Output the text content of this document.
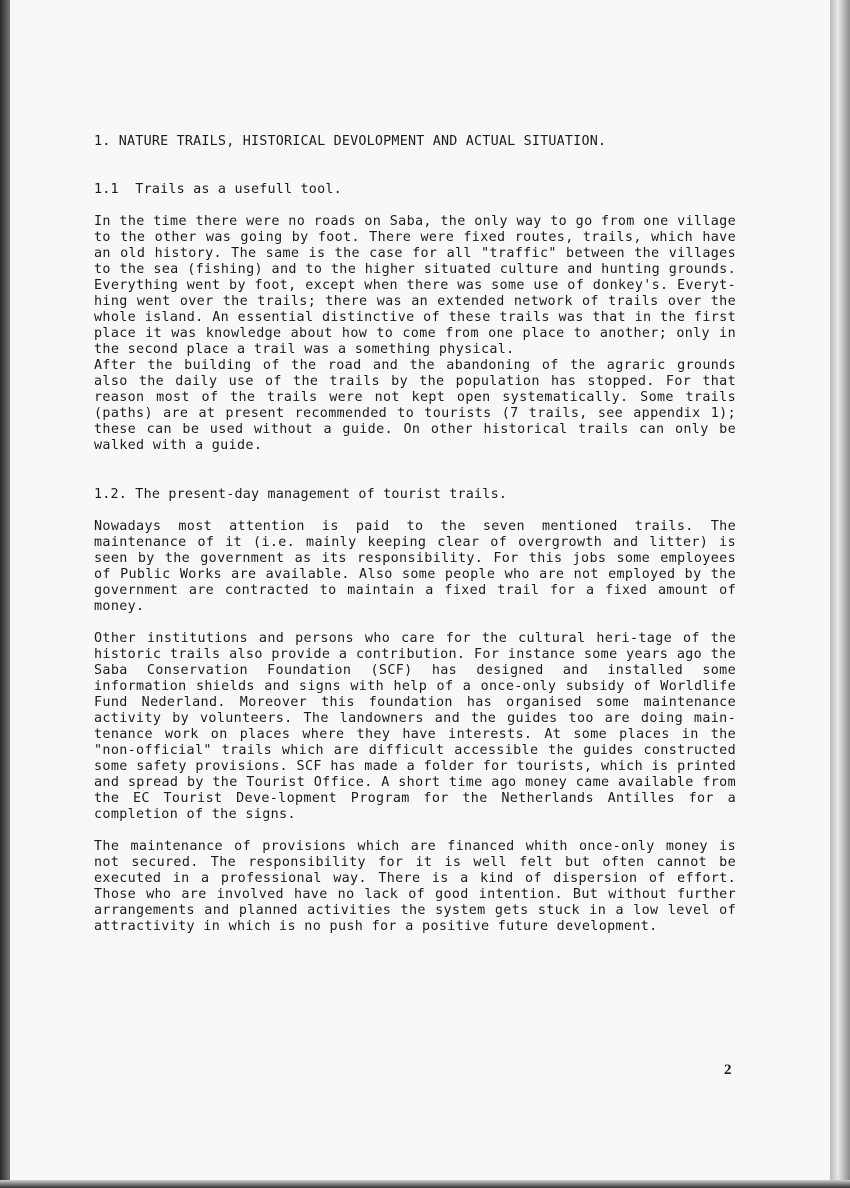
1. NATURE TRAILS, HISTORICAL DEVOLOPMENT AND ACTUAL SITUATION.
1.1  Trails as a usefull tool.

In the time there were no roads on Saba, the only way to go from one village to the other was going by foot. There were fixed routes, trails, which have an old history. The same is the case for all "traffic" between the villages to the sea (fishing) and to the higher situated culture and hunting grounds. Everything went by foot, except when there was some use of donkey's. Everyt-hing went over the trails; there was an extended network of trails over the whole island. An essential distinctive of these trails was that in the first place it was knowledge about how to come from one place to another; only in the second place a trail was a something physical.

After the building of the road and the abandoning of the agraric grounds also the daily use of the trails by the population has stopped. For that reason most of the trails were not kept open systematically. Some trails (paths) are at present recommended to tourists (7 trails, see appendix 1); these can be used without a guide. On other historical trails can only be walked with a guide.

1.2. The present-day management of tourist trails.

Nowadays most attention is paid to the seven mentioned trails. The maintenance of it (i.e. mainly keeping clear of overgrowth and litter) is seen by the government as its responsibility. For this jobs some employees of Public Works are available. Also some people who are not employed by the government are contracted to maintain a fixed trail for a fixed amount of money.

Other institutions and persons who care for the cultural heri-tage of the historic trails also provide a contribution. For instance some years ago the Saba Conservation Foundation (SCF) has designed and installed some information shields and signs with help of a once-only subsidy of Worldlife Fund Nederland. Moreover this foundation has organised some maintenance activity by volunteers. The landowners and the guides too are doing main-tenance work on places where they have interests. At some places in the "non-official" trails which are difficult accessible the guides constructed some safety provisions. SCF has made a folder for tourists, which is printed and spread by the Tourist Office. A short time ago money came available from the EC Tourist Deve-lopment Program for the Netherlands Antilles for a completion of the signs.

The maintenance of provisions which are financed whith once-only money is not secured. The responsibility for it is well felt but often cannot be executed in a professional way. There is a kind of dispersion of effort. Those who are involved have no lack of good intention. But without further arrangements and planned activities the system gets stuck in a low level of attractivity in which is no push for a positive future development.

2
